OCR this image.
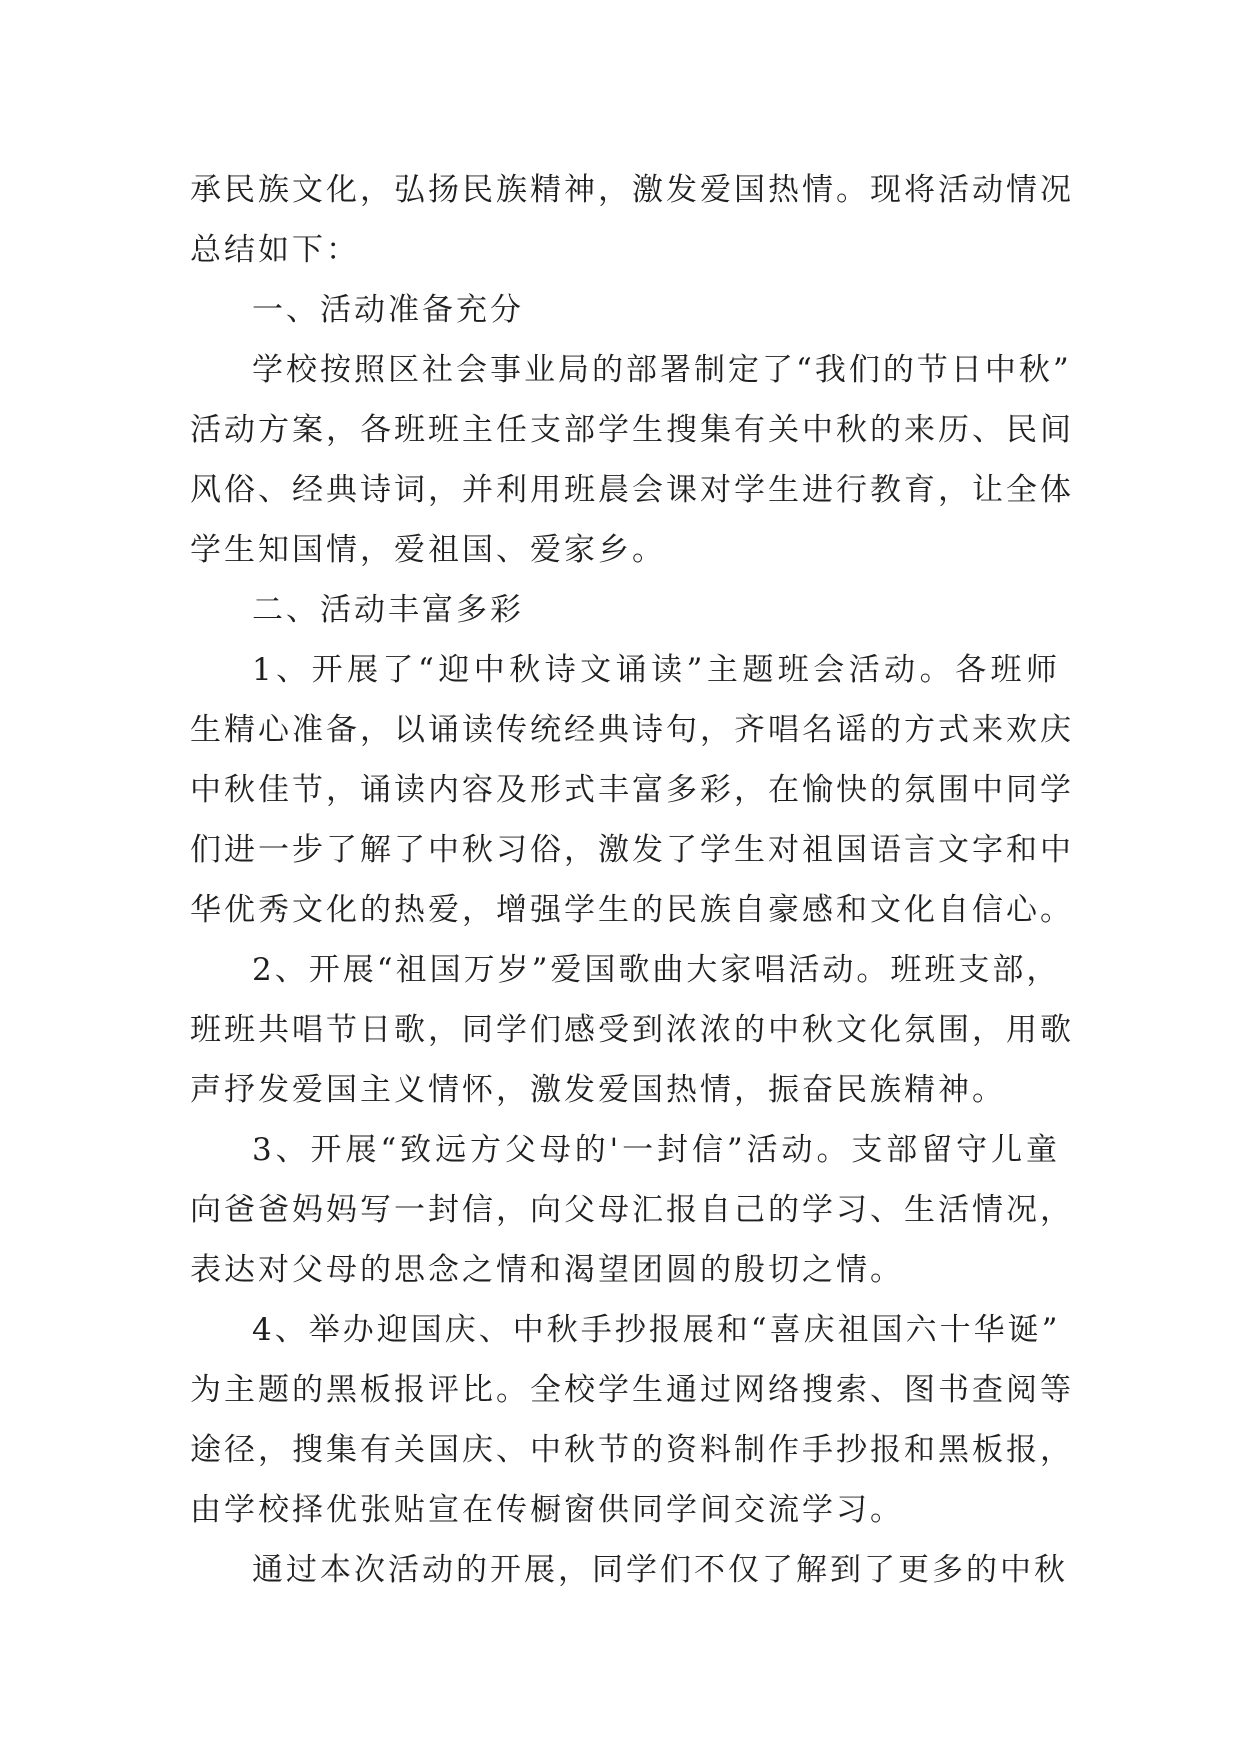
承民族文化，弘扬民族精神，激发爱国热情。现将活动情况
总结如下：
一、活动准备充分
学校按照区社会事业局的部署制定了“我们的节日中秋”
活动方案，各班班主任支部学生搜集有关中秋的来历、民间
风俗、经典诗词，并利用班晨会课对学生进行教育，让全体
学生知国情，爱祖国、爱家乡。
二、活动丰富多彩
1、开展了“迎中秋诗文诵读”主题班会活动。各班师
生精心准备，以诵读传统经典诗句，齐唱名谣的方式来欢庆
中秋佳节，诵读内容及形式丰富多彩，在愉快的氛围中同学
们进一步了解了中秋习俗，激发了学生对祖国语言文字和中
华优秀文化的热爱，增强学生的民族自豪感和文化自信心。
2、开展“祖国万岁”爱国歌曲大家唱活动。班班支部，
班班共唱节日歌，同学们感受到浓浓的中秋文化氛围，用歌
声抒发爱国主义情怀，激发爱国热情，振奋民族精神。
3、开展“致远方父母的'一封信”活动。支部留守儿童
向爸爸妈妈写一封信，向父母汇报自己的学习、生活情况，
表达对父母的思念之情和渴望团圆的殷切之情。
4、举办迎国庆、中秋手抄报展和“喜庆祖国六十华诞”
为主题的黑板报评比。全校学生通过网络搜索、图书查阅等
途径，搜集有关国庆、中秋节的资料制作手抄报和黑板报，
由学校择优张贴宣在传橱窗供同学间交流学习。
通过本次活动的开展，同学们不仅了解到了更多的中秋
